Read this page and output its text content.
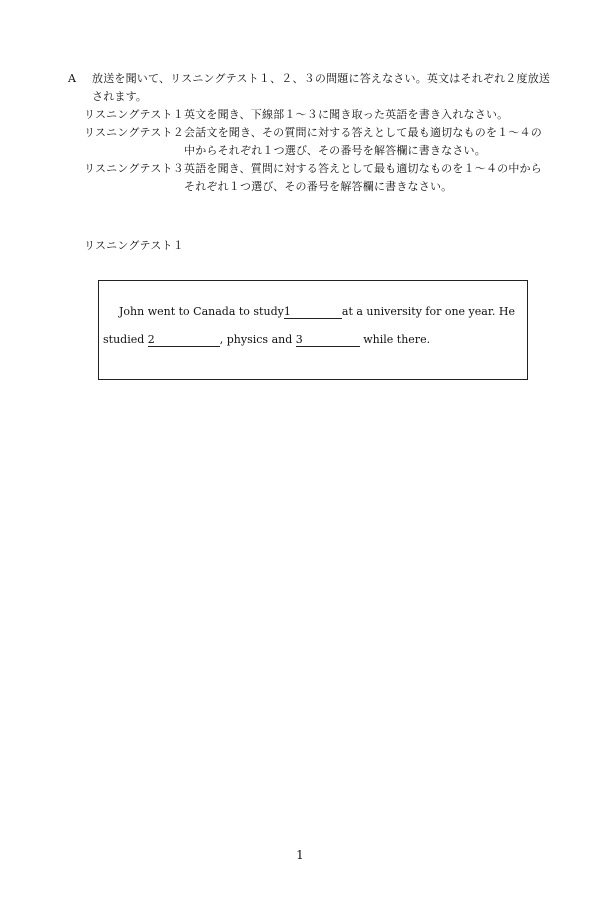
A	放送を聞いて、リスニングテスト１、２、３の問題に答えなさい。英文はそれぞれ２度放送
されます。
リスニングテスト１ 英文を聞き、下線部１～３に聞き取った英語を書き入れなさい。
リスニングテスト２ 会話文を聞き、その質問に対する答えとして最も適切なものを１～４の
中からそれぞれ１つ選び、その番号を解答欄に書きなさい。
リスニングテスト３ 英語を聞き、質問に対する答えとして最も適切なものを１～４の中から
それぞれ１つ選び、その番号を解答欄に書きなさい。
リスニングテスト１
John went to Canada to study 1	at a university for one year. He
studied 2	, physics and 3	while there.
1
